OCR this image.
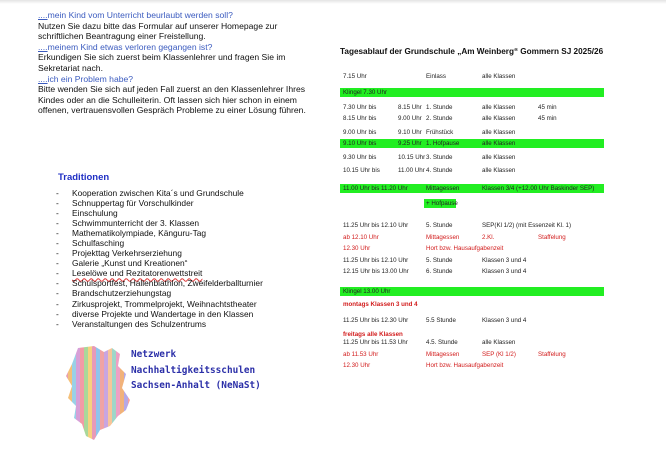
....mein Kind vom Unterricht beurlaubt werden soll?
Nutzen Sie dazu bitte das Formular auf unserer Homepage zur schriftlichen Beantragung einer Freistellung.
....meinem Kind etwas verloren gegangen ist?
Erkundigen Sie sich zuerst beim Klassenlehrer und fragen Sie im Sekretariat nach.
....ich ein Problem habe?
Bitte wenden Sie sich auf jeden Fall zuerst an den Klassenlehrer Ihres Kindes oder an die Schulleiterin. Oft lassen sich hier schon in einem offenen, vertrauensvollen Gespräch Probleme zu einer Lösung führen.
Traditionen
- Kooperation zwischen Kita´s und Grundschule
- Schnuppertag für Vorschulkinder
- Einschulung
- Schwimmunterricht der 3. Klassen
- Mathematikolympiade, Känguru-Tag
- Schulfasching
- Projekttag Verkehrserziehung
- Galerie „Kunst und Kreationen“
- Leselöwe und Rezitatorenwettstreit
- Schulsportfest, Hallenbiathlon, Zweifelderballturnier
- Brandschutzerziehungstag
- Zirkusprojekt, Trommelprojekt, Weihnachtstheater
- diverse Projekte und Wandertage in den Klassen
- Veranstaltungen des Schulzentrums
Netzwerk
Nachhaltigkeitsschulen
Sachsen-Anhalt (NeNaSt)
Tagesablauf der Grundschule „Am Weinberg“ Gommern SJ 2025/26
7.15 Uhr	Einlass	alle Klassen
Klingel 7.30 Uhr
7.30 Uhr bis	8.15 Uhr 1. Stunde	alle Klassen	45 min
8.15 Uhr bis	9.00 Uhr 2. Stunde	alle Klassen	45 min
9.00 Uhr bis	9.10 Uhr Frühstück	alle Klassen
9.10 Uhr bis	9.25 Uhr 1. Hofpause	alle Klassen
9.30 Uhr bis	10.15 Uhr 3. Stunde	alle Klassen
10.15 Uhr bis	11.00 Uhr 4. Stunde	alle Klassen
11.00 Uhr bis 11.20 Uhr	Mittagessen	Klassen 3/4 (+12.00 Uhr Baskinder SEP)
+ Hofpause
11.25 Uhr bis 12.10 Uhr	5. Stunde	SEP(Kl 1/2) (mit Essenzeit Kl. 1)
ab 12.10 Uhr	Mittagessen	2.Kl.	Staffelung
12.30 Uhr	Hort bzw. Hausaufgabenzeit
11.25 Uhr bis 12.10 Uhr	5. Stunde	Klassen 3 und 4
12.15 Uhr bis 13.00 Uhr	6. Stunde	Klassen 3 und 4
Klingel 13.00 Uhr
montags Klassen 3 und 4
11.25 Uhr bis 12.30 Uhr	5.5 Stunde	Klassen 3 und 4
freitags alle Klassen
11.25 Uhr bis 11.53 Uhr	4.5. Stunde	alle Klassen
ab 11.53 Uhr	Mittagessen	SEP (Kl 1/2)	Staffelung
12.30 Uhr	Hort bzw. Hausaufgabenzeit
